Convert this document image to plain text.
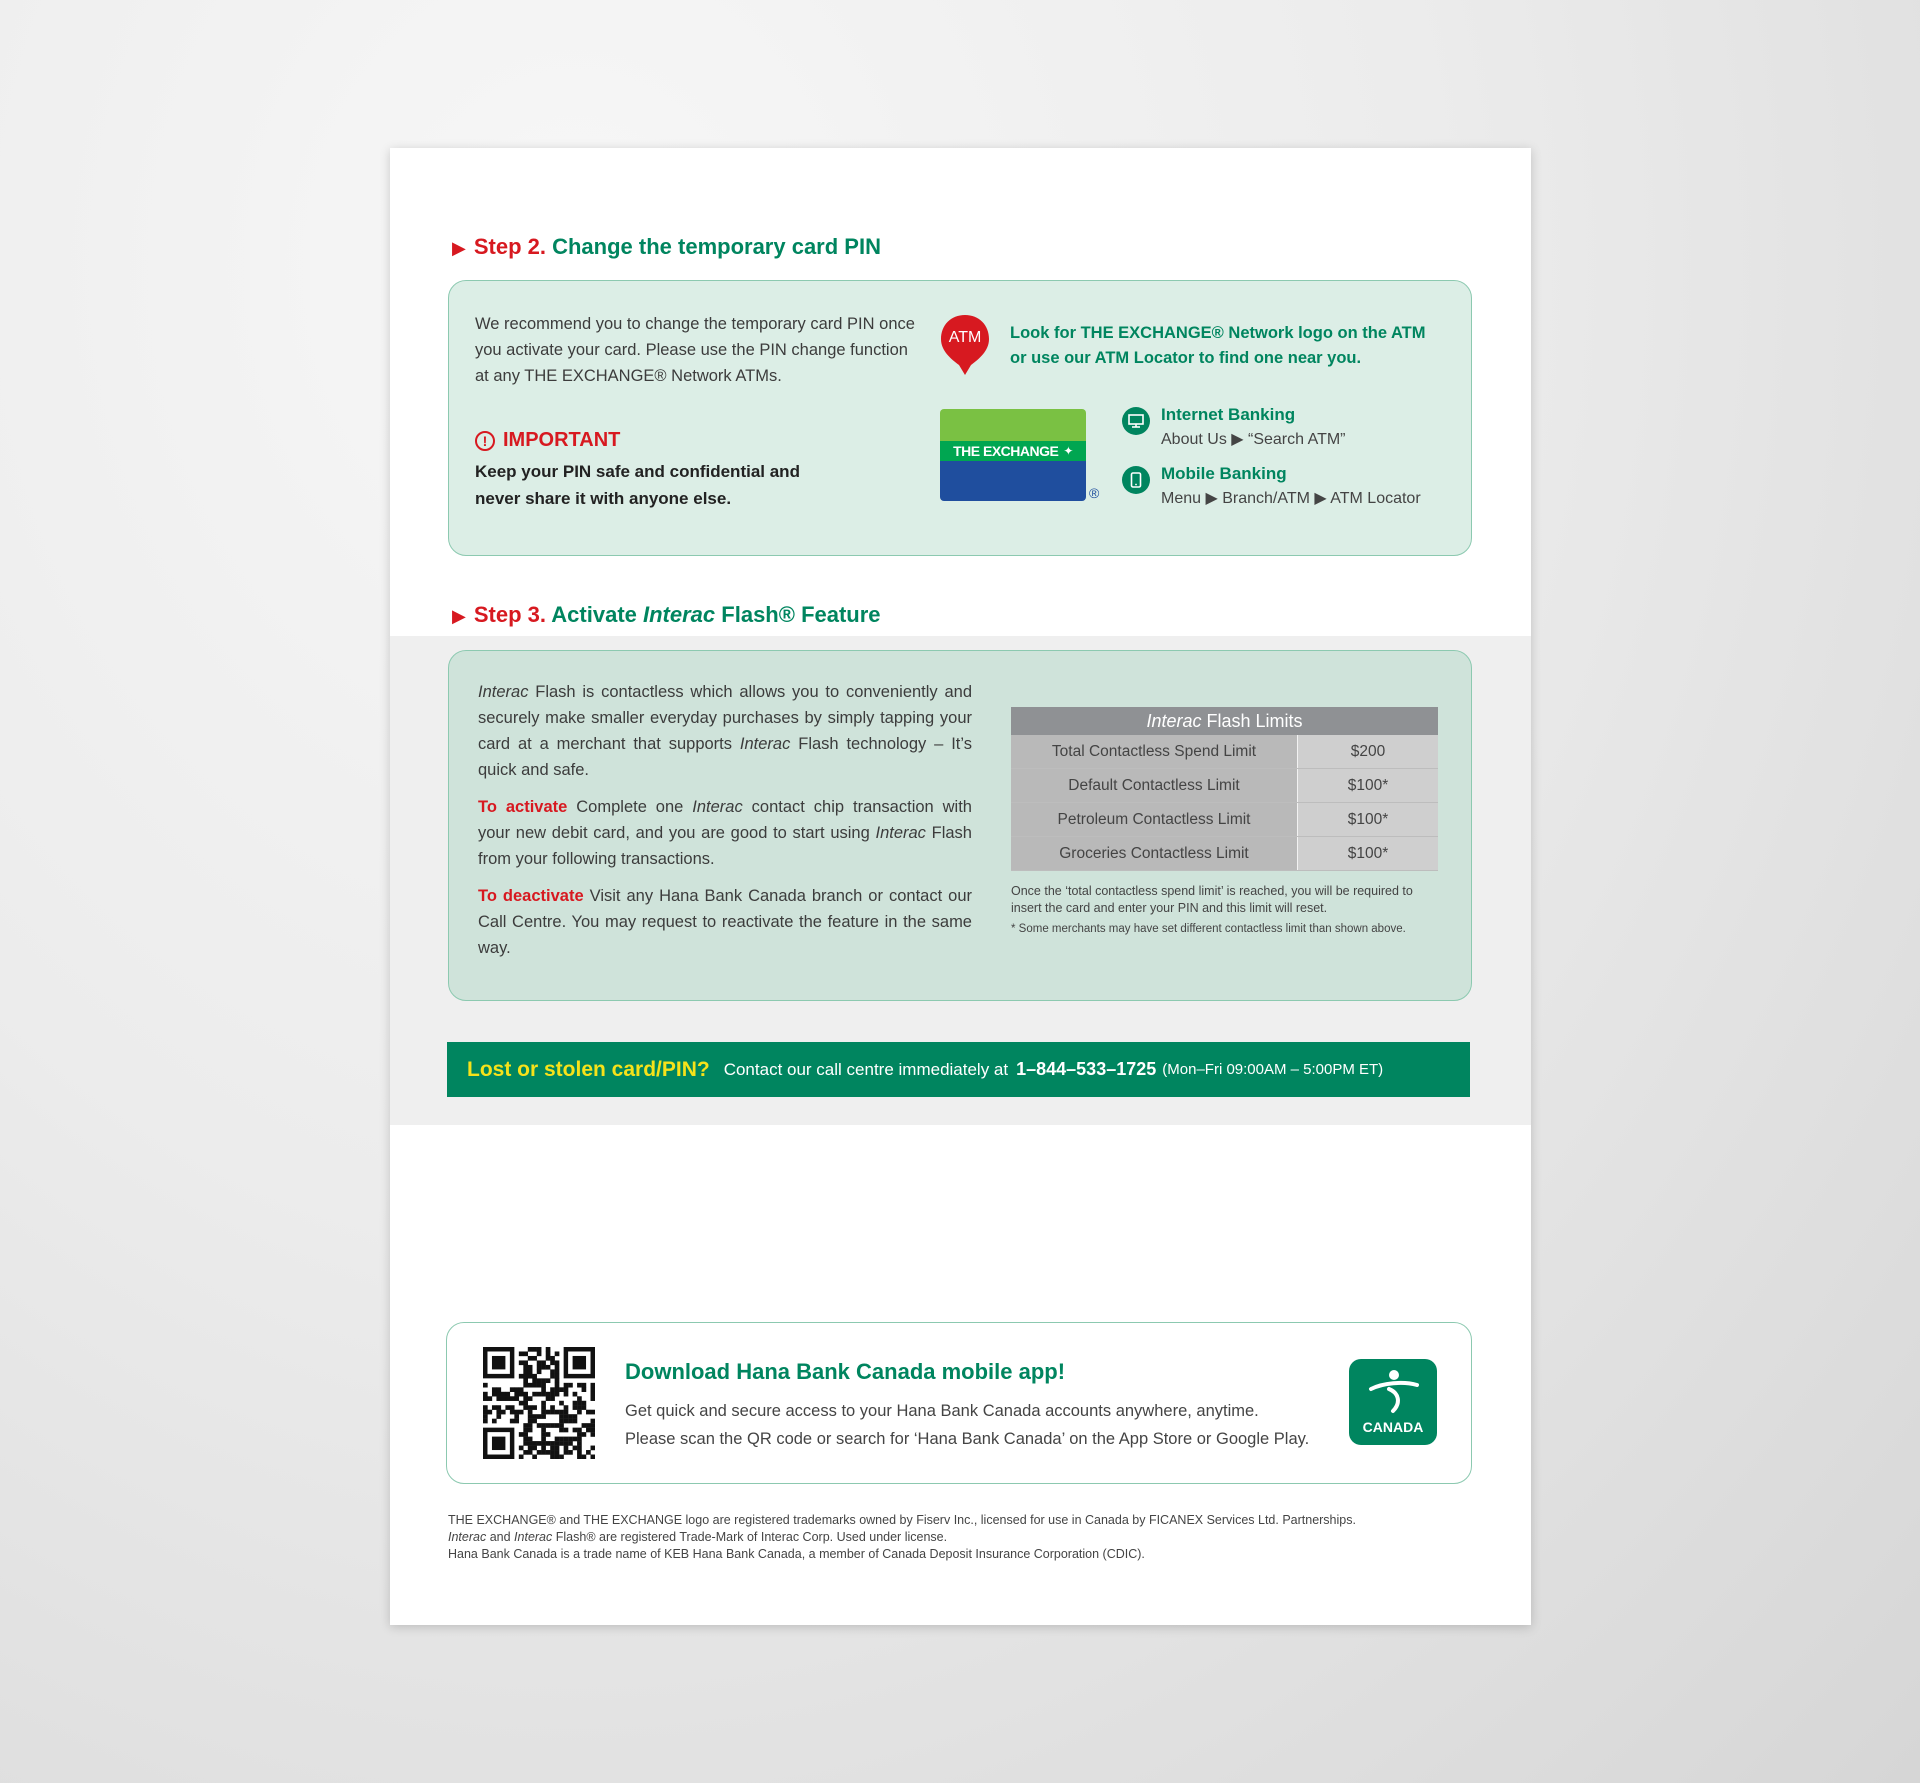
▶ Step 2. Change the temporary card PIN
We recommend you to change the temporary card PIN once you activate your card. Please use the PIN change function at any THE EXCHANGE® Network ATMs.
! IMPORTANT
Keep your PIN safe and confidential and never share it with anyone else.
ATM	Look for THE EXCHANGE® Network logo on the ATM
or use our ATM Locator to find one near you.
THE EXCHANGE ✦
®
Internet Banking
About Us ▶ “Search ATM”
Mobile Banking
Menu ▶ Branch/ATM ▶ ATM Locator
▶ Step 3. Activate Interac Flash® Feature

Interac Flash is contactless which allows you to conveniently and securely make smaller everyday purchases by simply tapping your card at a merchant that supports Interac Flash technology – It’s quick and safe.

To activate Complete one Interac contact chip transaction with your new debit card, and you are good to start using Interac Flash from your following transactions.

To deactivate Visit any Hana Bank Canada branch or contact our Call Centre. You may request to reactivate the feature in the same way.

Interac Flash Limits	
Total Contactless Spend Limit	$200
Default Contactless Limit	$100*
Petroleum Contactless Limit	$100*
Groceries Contactless Limit	$100*
Once the ‘total contactless spend limit’ is reached, you will be required to insert the card and enter your PIN and this limit will reset.
* Some merchants may have set different contactless limit than shown above.
Lost or stolen card/PIN? Contact our call centre immediately at 1–844–533–1725 (Mon–Fri 09:00AM – 5:00PM ET)
Download Hana Bank Canada mobile app!
Get quick and secure access to your Hana Bank Canada accounts anywhere, anytime.
Please scan the QR code or search for ‘Hana Bank Canada’ on the App Store or Google Play.
CANADA
THE EXCHANGE® and THE EXCHANGE logo are registered trademarks owned by Fiserv Inc., licensed for use in Canada by FICANEX Services Ltd. Partnerships.
Interac and Interac Flash® are registered Trade-Mark of Interac Corp. Used under license.
Hana Bank Canada is a trade name of KEB Hana Bank Canada, a member of Canada Deposit Insurance Corporation (CDIC).
